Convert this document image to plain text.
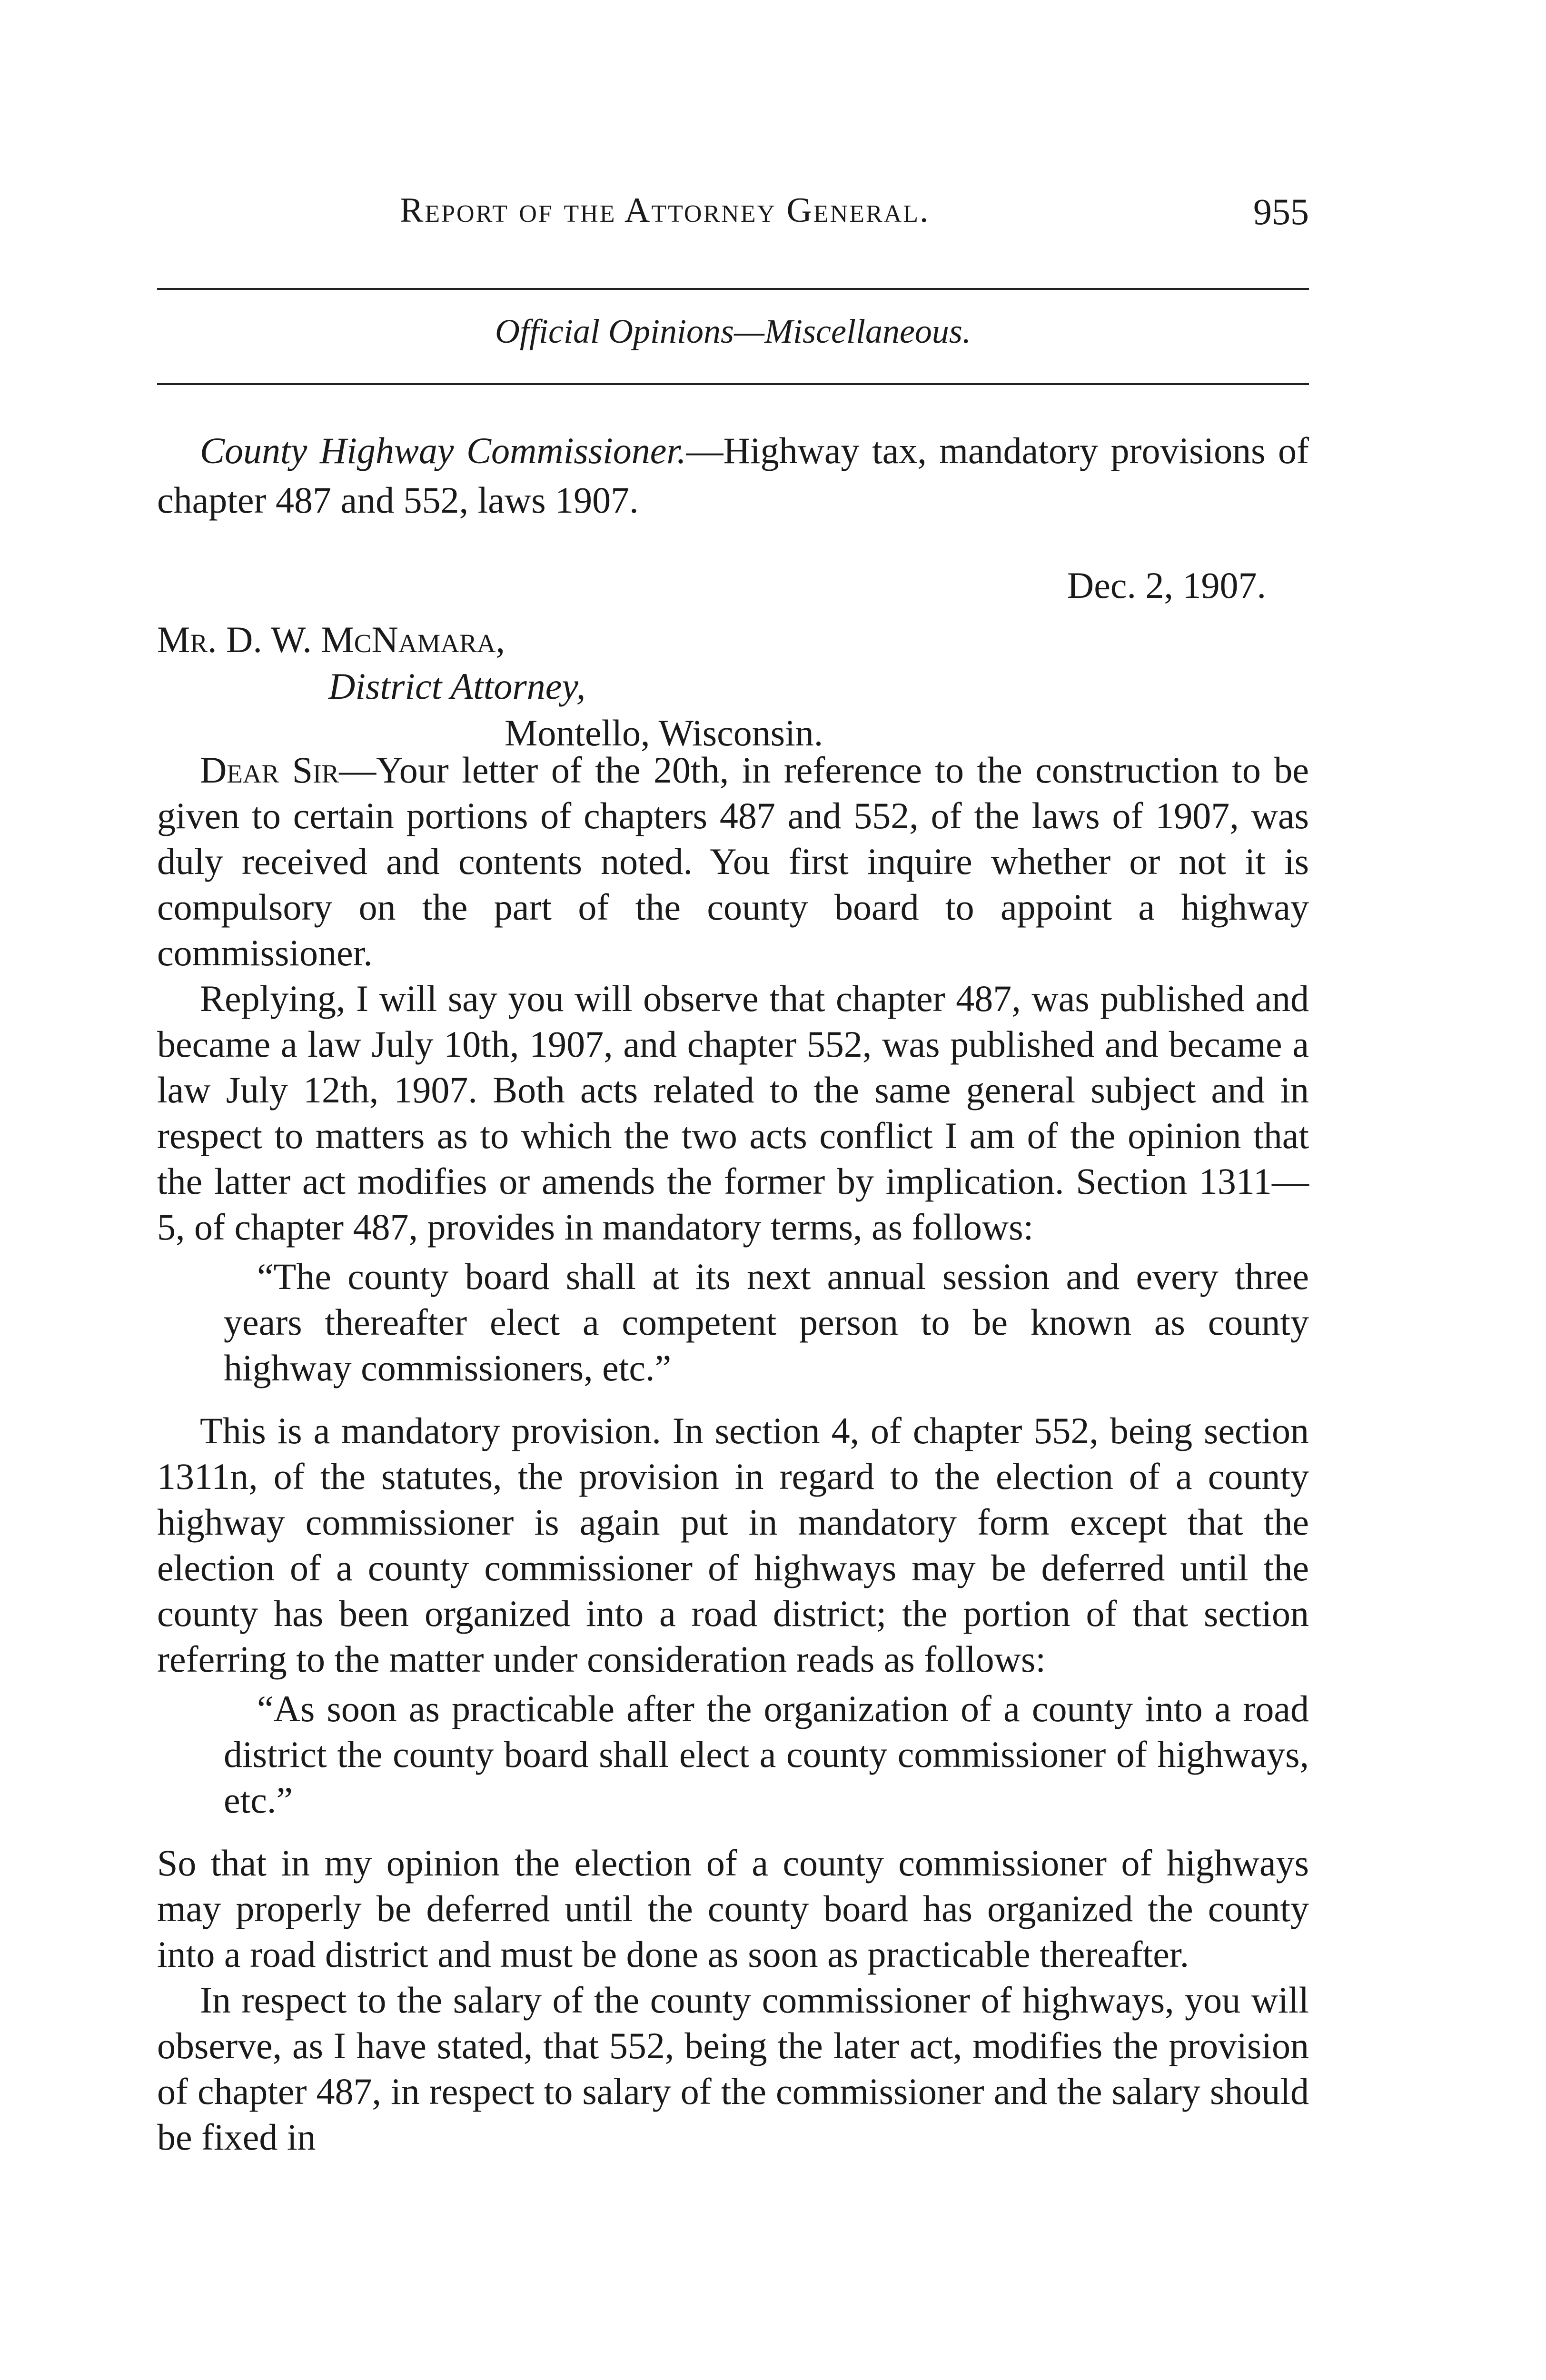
Report of the Attorney General.	955
Official Opinions—Miscellaneous.
County Highway Commissioner.—Highway tax, mandatory provisions of chapter 487 and 552, laws 1907.
Dec. 2, 1907.
Mr. D. W. McNamara,
District Attorney,
Montello, Wisconsin.

Dear Sir—Your letter of the 20th, in reference to the construction to be given to certain portions of chapters 487 and 552, of the laws of 1907, was duly received and contents noted. You first inquire whether or not it is compulsory on the part of the county board to appoint a highway commissioner.

Replying, I will say you will observe that chapter 487, was published and became a law July 10th, 1907, and chapter 552, was published and became a law July 12th, 1907. Both acts related to the same general subject and in respect to matters as to which the two acts conflict I am of the opinion that the latter act modifies or amends the former by implication. Section 1311—5, of chapter 487, provides in mandatory terms, as follows:

“The county board shall at its next annual session and every three years thereafter elect a competent person to be known as county highway commissioners, etc.”

This is a mandatory provision. In section 4, of chapter 552, being section 1311n, of the statutes, the provision in regard to the election of a county highway commissioner is again put in mandatory form except that the election of a county commissioner of highways may be deferred until the county has been organized into a road district; the portion of that section referring to the matter under consideration reads as follows:

“As soon as practicable after the organization of a county into a road district the county board shall elect a county commissioner of highways, etc.”

So that in my opinion the election of a county commissioner of highways may properly be deferred until the county board has organized the county into a road district and must be done as soon as practicable thereafter.

In respect to the salary of the county commissioner of highways, you will observe, as I have stated, that 552, being the later act, modifies the provision of chapter 487, in respect to salary of the commissioner and the salary should be fixed in
